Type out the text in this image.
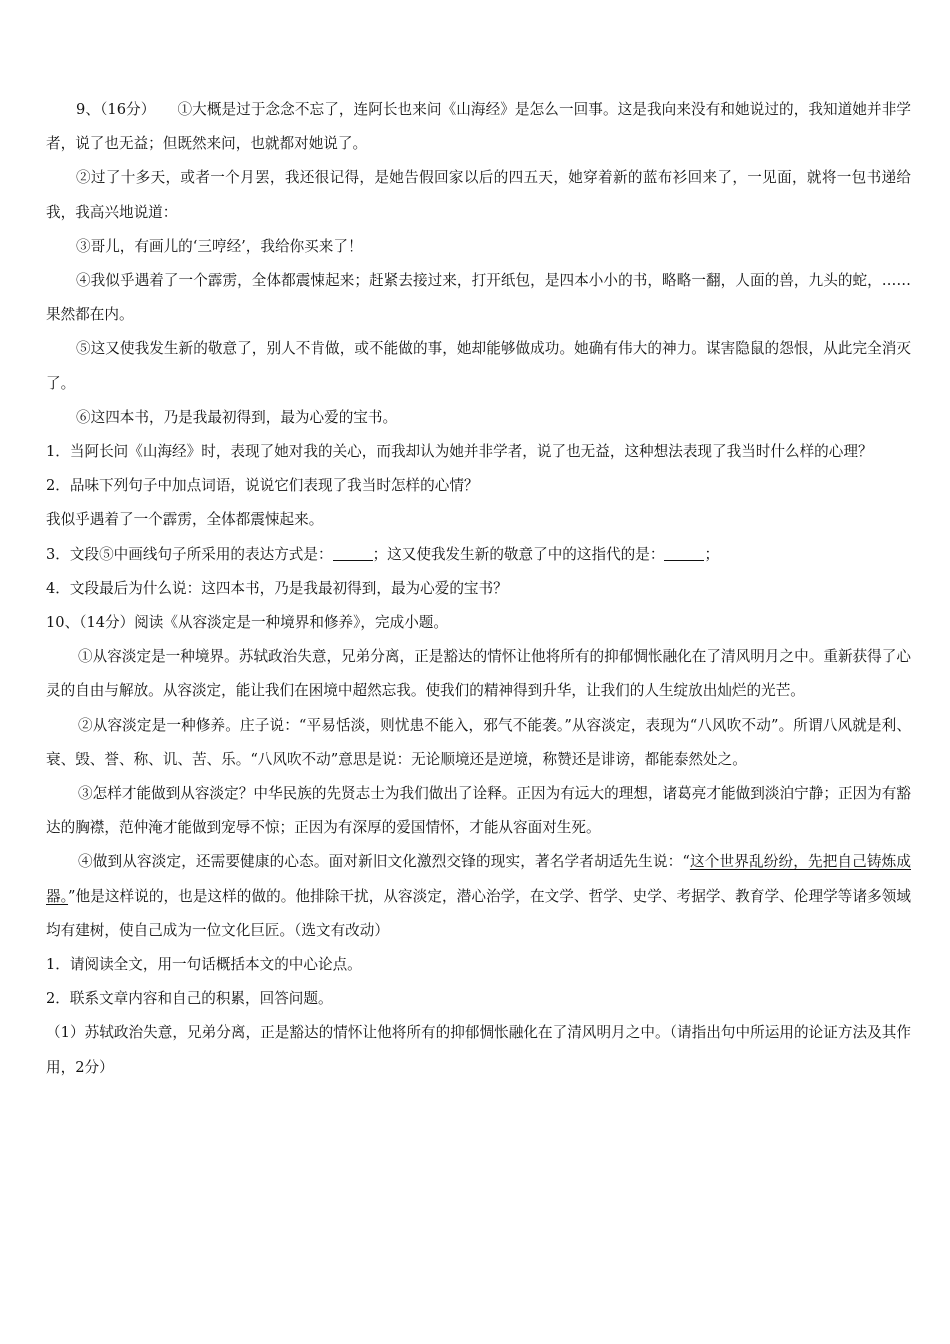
9、（16分） ①大概是过于念念不忘了，连阿长也来问《山海经》是怎么一回事。这是我向来没有和她说过的，我知道她并非学者，说了也无益；但既然来问，也就都对她说了。

②过了十多天，或者一个月罢，我还很记得，是她告假回家以后的四五天，她穿着新的蓝布衫回来了，一见面，就将一包书递给我，我高兴地说道：

③哥儿，有画儿的‘三哼经’，我给你买来了！

④我似乎遇着了一个霹雳，全体都震悚起来；赶紧去接过来，打开纸包，是四本小小的书，略略一翻，人面的兽，九头的蛇，……果然都在内。

⑤这又使我发生新的敬意了，别人不肯做，或不能做的事，她却能够做成功。她确有伟大的神力。谋害隐鼠的怨恨，从此完全消灭了。

⑥这四本书，乃是我最初得到，最为心爱的宝书。

1．当阿长问《山海经》时，表现了她对我的关心，而我却认为她并非学者，说了也无益，这种想法表现了我当时什么样的心理？

2．品味下列句子中加点词语，说说它们表现了我当时怎样的心情？

我似乎遇着了一个霹雳，全体都震悚起来。

3．文段⑤中画线句子所采用的表达方式是：	；这又使我发生新的敬意了中的这指代的是：	；

4．文段最后为什么说：这四本书，乃是我最初得到，最为心爱的宝书？

10、（14分）阅读《从容淡定是一种境界和修养》，完成小题。

①从容淡定是一种境界。苏轼政治失意，兄弟分离，正是豁达的情怀让他将所有的抑郁惆怅融化在了清风明月之中。重新获得了心灵的自由与解放。从容淡定，能让我们在困境中超然忘我。使我们的精神得到升华，让我们的人生绽放出灿烂的光芒。

②从容淡定是一种修养。庄子说：“平易恬淡，则忧患不能入，邪气不能袭。”从容淡定，表现为“八风吹不动”。所谓八风就是利、衰、毁、誉、称、讥、苦、乐。“八风吹不动”意思是说：无论顺境还是逆境，称赞还是诽谤，都能泰然处之。

③怎样才能做到从容淡定？中华民族的先贤志士为我们做出了诠释。正因为有远大的理想，诸葛亮才能做到淡泊宁静；正因为有豁达的胸襟，范仲淹才能做到宠辱不惊；正因为有深厚的爱国情怀，才能从容面对生死。

④做到从容淡定，还需要健康的心态。面对新旧文化激烈交锋的现实，著名学者胡适先生说：“这个世界乱纷纷，先把自己铸炼成器。”他是这样说的，也是这样的做的。他排除干扰，从容淡定，潜心治学，在文学、哲学、史学、考据学、教育学、伦理学等诸多领域均有建树，使自己成为一位文化巨匠。（选文有改动）

1．请阅读全文，用一句话概括本文的中心论点。

2．联系文章内容和自己的积累，回答问题。

（1）苏轼政治失意，兄弟分离，正是豁达的情怀让他将所有的抑郁惆怅融化在了清风明月之中。（请指出句中所运用的论证方法及其作用，2分）
